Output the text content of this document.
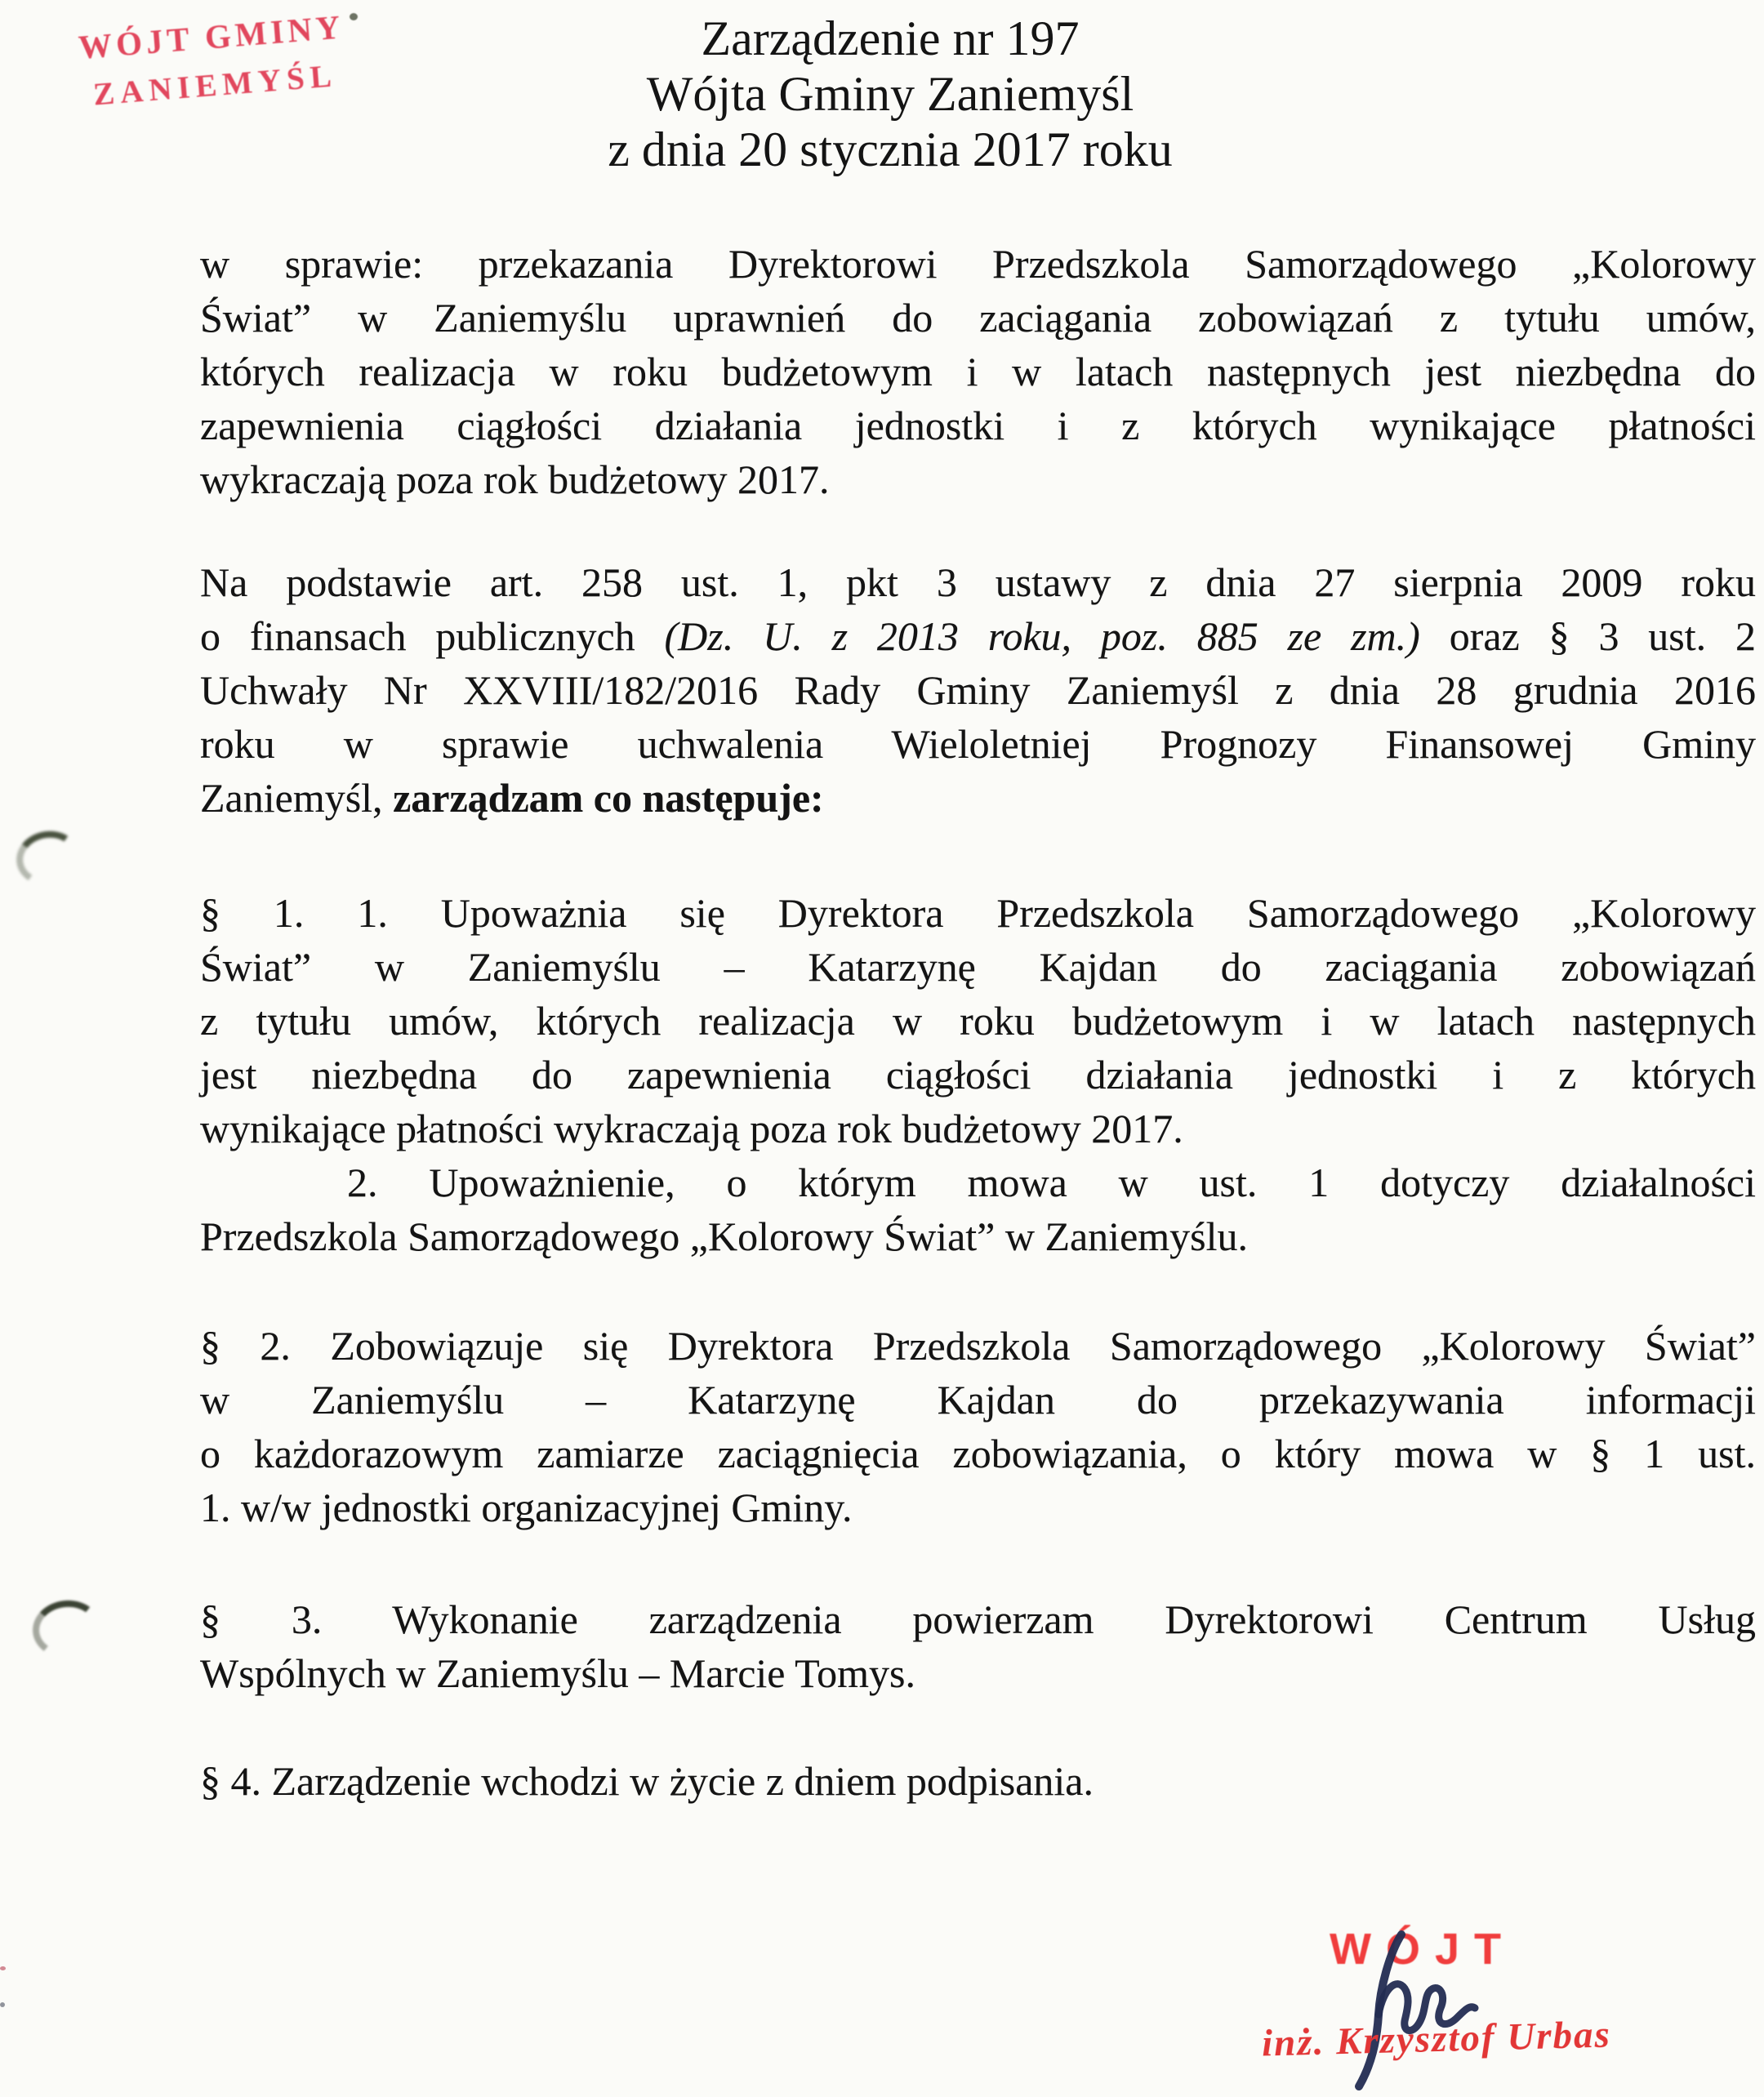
WÓJT GMINY
ZANIEMYŚL
Zarządzenie nr 197
Wójta Gminy Zaniemyśl
z dnia 20 stycznia 2017 roku
w sprawie: przekazania Dyrektorowi Przedszkola Samorządowego „Kolorowy
Świat” w Zaniemyślu uprawnień do zaciągania zobowiązań z tytułu umów,
których realizacja w roku budżetowym i w latach następnych jest niezbędna do
zapewnienia ciągłości działania jednostki i z których wynikające płatności
wykraczają poza rok budżetowy 2017.
Na podstawie art. 258 ust. 1, pkt 3 ustawy z dnia 27 sierpnia 2009 roku
o finansach publicznych (Dz. U. z 2013 roku, poz. 885 ze zm.) oraz § 3 ust. 2
Uchwały Nr XXVIII/182/2016 Rady Gminy Zaniemyśl z dnia 28 grudnia 2016
roku w sprawie uchwalenia Wieloletniej Prognozy Finansowej Gminy
Zaniemyśl, zarządzam co następuje:
§ 1. 1. Upoważnia się Dyrektora Przedszkola Samorządowego „Kolorowy
Świat” w Zaniemyślu – Katarzynę Kajdan do zaciągania zobowiązań
z tytułu umów, których realizacja w roku budżetowym i w latach następnych
jest niezbędna do zapewnienia ciągłości działania jednostki i z których
wynikające płatności wykraczają poza rok budżetowy 2017.
2. Upoważnienie, o którym mowa w ust. 1 dotyczy działalności
Przedszkola Samorządowego „Kolorowy Świat” w Zaniemyślu.
§ 2. Zobowiązuje się Dyrektora Przedszkola Samorządowego „Kolorowy Świat”
w Zaniemyślu – Katarzynę Kajdan do przekazywania informacji
o każdorazowym zamiarze zaciągnięcia zobowiązania, o który mowa w § 1 ust.
1. w/w jednostki organizacyjnej Gminy.
§ 3. Wykonanie zarządzenia powierzam Dyrektorowi Centrum Usług
Wspólnych w Zaniemyślu – Marcie Tomys.
§ 4. Zarządzenie wchodzi w życie z dniem podpisania.
WÓJT
inż. Krzysztof Urbas
